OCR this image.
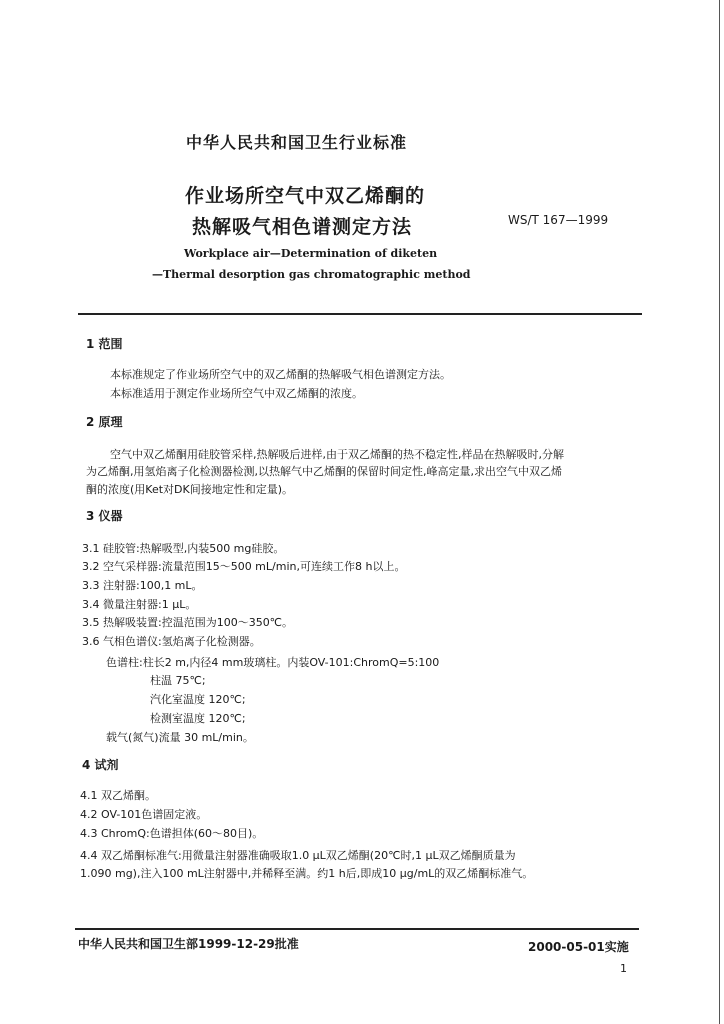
中华人民共和国卫生行业标准
作业场所空气中双乙烯酮的
热解吸气相色谱测定方法	WS/T 167—1999
Workplace air—Determination of diketen
—Thermal desorption gas chromatographic method
1 范围
本标准规定了作业场所空气中的双乙烯酮的热解吸气相色谱测定方法。
本标准适用于测定作业场所空气中双乙烯酮的浓度。
2 原理
空气中双乙烯酮用硅胶管采样,热解吸后进样,由于双乙烯酮的热不稳定性,样品在热解吸时,分解
为乙烯酮,用氢焰离子化检测器检测,以热解气中乙烯酮的保留时间定性,峰高定量,求出空气中双乙烯
酮的浓度(用Ket对DK间接地定性和定量)。
3 仪器
3.1 硅胶管:热解吸型,内装500 mg硅胶。
3.2 空气采样器:流量范围15～500 mL/min,可连续工作8 h以上。
3.3 注射器:100,1 mL。
3.4 微量注射器:1 μL。
3.5 热解吸装置:控温范围为100～350℃。
3.6 气相色谱仪:氢焰离子化检测器。
色谱柱:柱长2 m,内径4 mm玻璃柱。内装OV-101:ChromQ=5:100
柱温 75℃;
汽化室温度 120℃;
检测室温度 120℃;
载气(氮气)流量 30 mL/min。
4 试剂
4.1 双乙烯酮。
4.2 OV-101色谱固定液。
4.3 ChromQ:色谱担体(60～80目)。
4.4 双乙烯酮标准气:用微量注射器准确吸取1.0 μL双乙烯酮(20℃时,1 μL双乙烯酮质量为
1.090 mg),注入100 mL注射器中,并稀释至满。约1 h后,即成10 μg/mL的双乙烯酮标准气。
中华人民共和国卫生部1999-12-29批准	2000-05-01实施
1
